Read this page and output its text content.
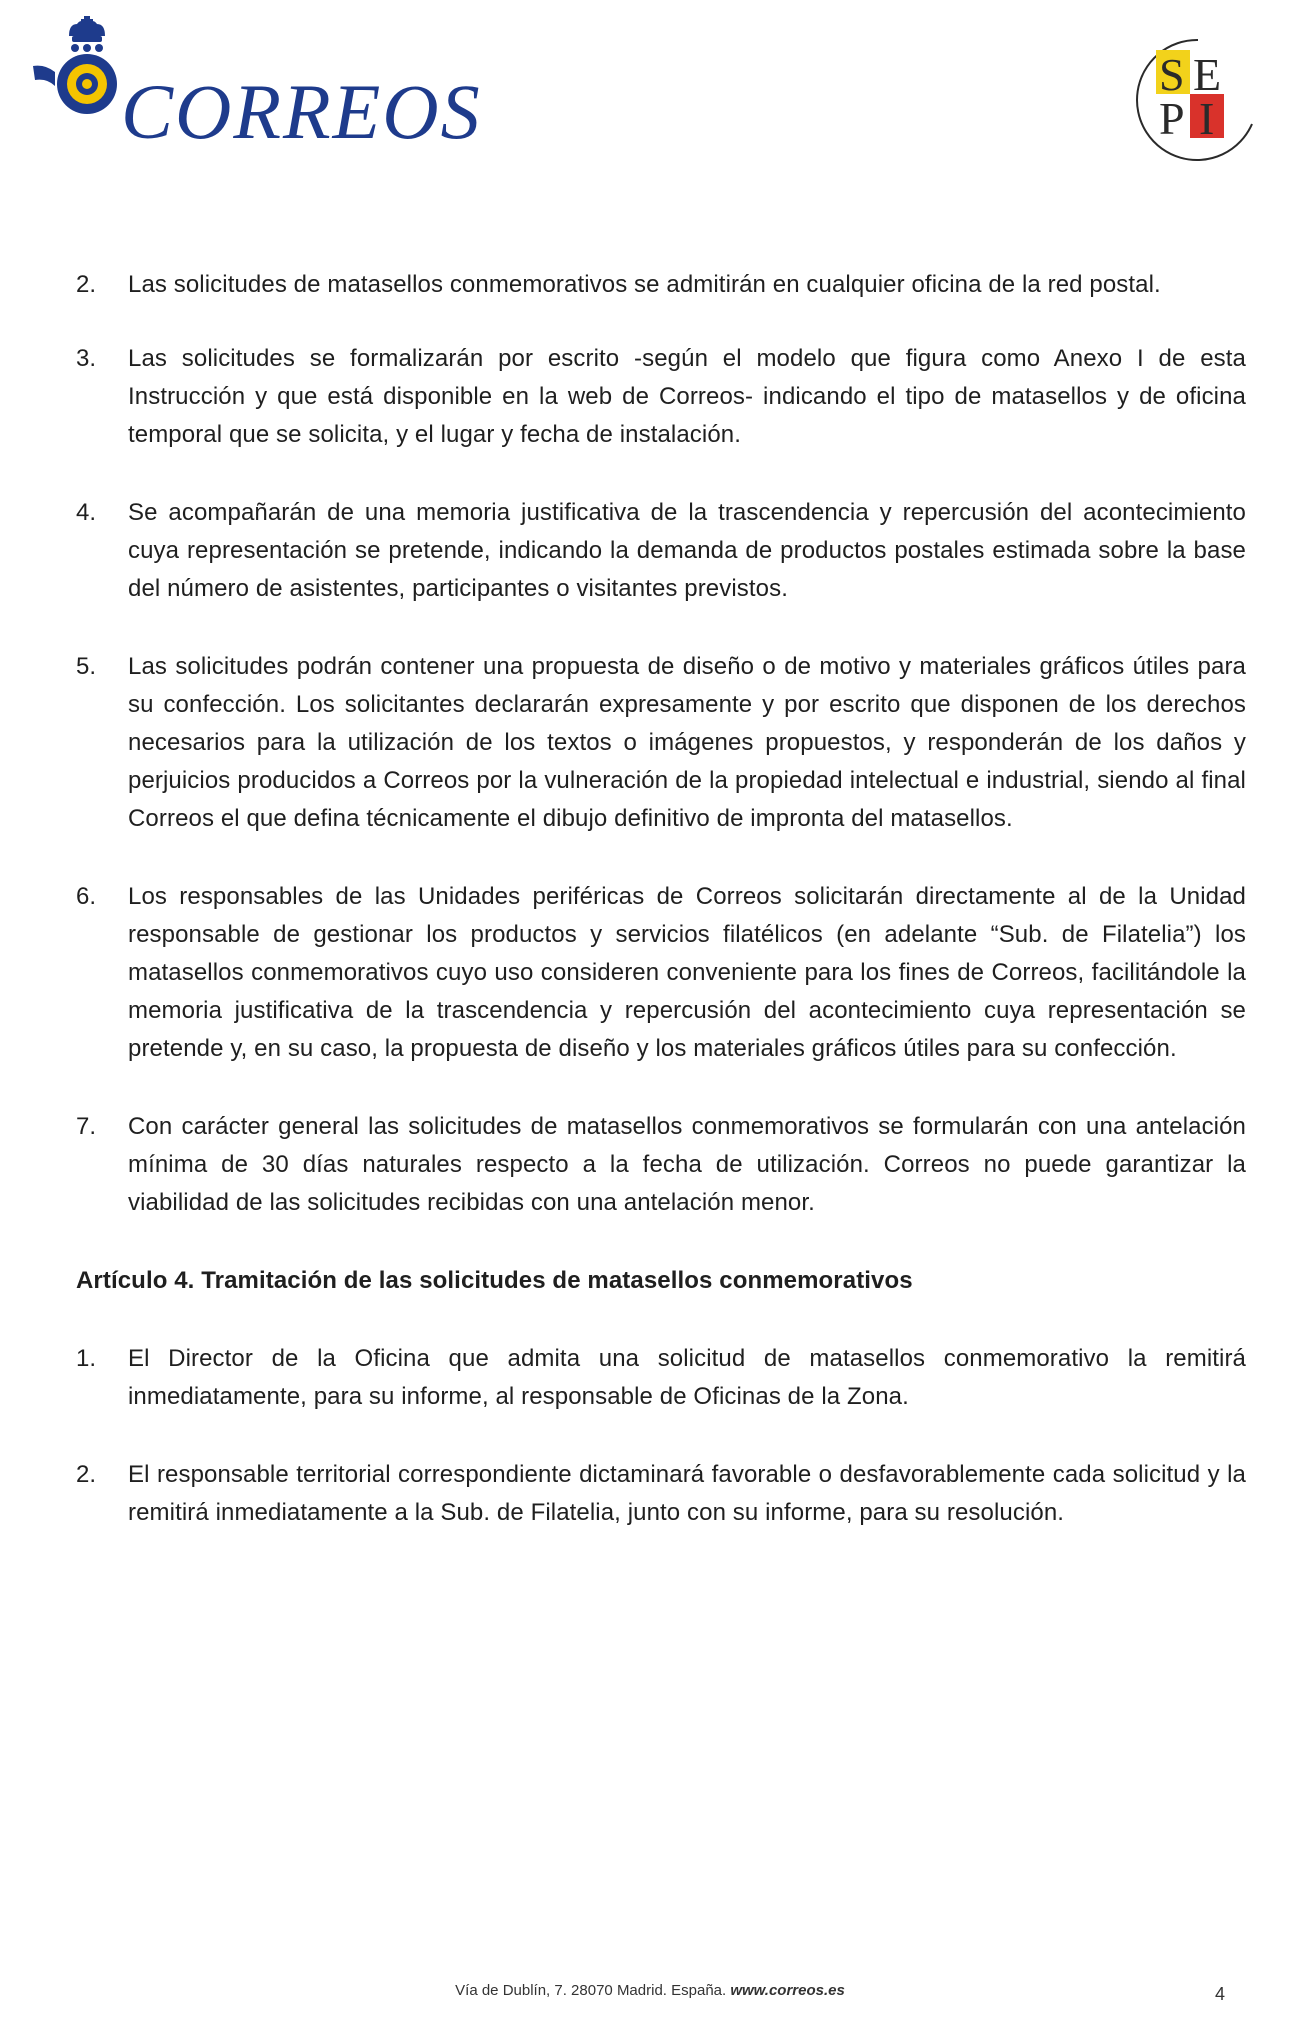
CORREOS	S E
P I
2.	Las solicitudes de matasellos conmemorativos se admitirán en cualquier oficina de la red postal.
3.	Las solicitudes se formalizarán por escrito -según el modelo que figura como Anexo I de esta Instrucción y que está disponible en la web de Correos- indicando el tipo de matasellos y de oficina temporal que se solicita, y el lugar y fecha de instalación.
4.	Se acompañarán de una memoria justificativa de la trascendencia y repercusión del acontecimiento cuya representación se pretende, indicando la demanda de productos postales estimada sobre la base del número de asistentes, participantes o visitantes previstos.
5.	Las solicitudes podrán contener una propuesta de diseño o de motivo y materiales gráficos útiles para su confección. Los solicitantes declararán expresamente y por escrito que disponen de los derechos necesarios para la utilización de los textos o imágenes propuestos, y responderán de los daños y perjuicios producidos a Correos por la vulneración de la propiedad intelectual e industrial, siendo al final Correos el que defina técnicamente el dibujo definitivo de impronta del matasellos.
6.	Los responsables de las Unidades periféricas de Correos solicitarán directamente al de la Unidad responsable de gestionar los productos y servicios filatélicos (en adelante “Sub. de Filatelia”) los matasellos conmemorativos cuyo uso consideren conveniente para los fines de Correos, facilitándole la memoria justificativa de la trascendencia y repercusión del acontecimiento cuya representación se pretende y, en su caso, la propuesta de diseño y los materiales gráficos útiles para su confección.
7.	Con carácter general las solicitudes de matasellos conmemorativos se formularán con una antelación mínima de 30 días naturales respecto a la fecha de utilización. Correos no puede garantizar la viabilidad de las solicitudes recibidas con una antelación menor.
Artículo 4. Tramitación de las solicitudes de matasellos conmemorativos
1.	El Director de la Oficina que admita una solicitud de matasellos conmemorativo la remitirá inmediatamente, para su informe, al responsable de Oficinas de la Zona.
2.	El responsable territorial correspondiente dictaminará favorable o desfavorablemente cada solicitud y la remitirá inmediatamente a la Sub. de Filatelia, junto con su informe, para su resolución.
Vía de Dublín, 7. 28070 Madrid. España. www.correos.es	4
